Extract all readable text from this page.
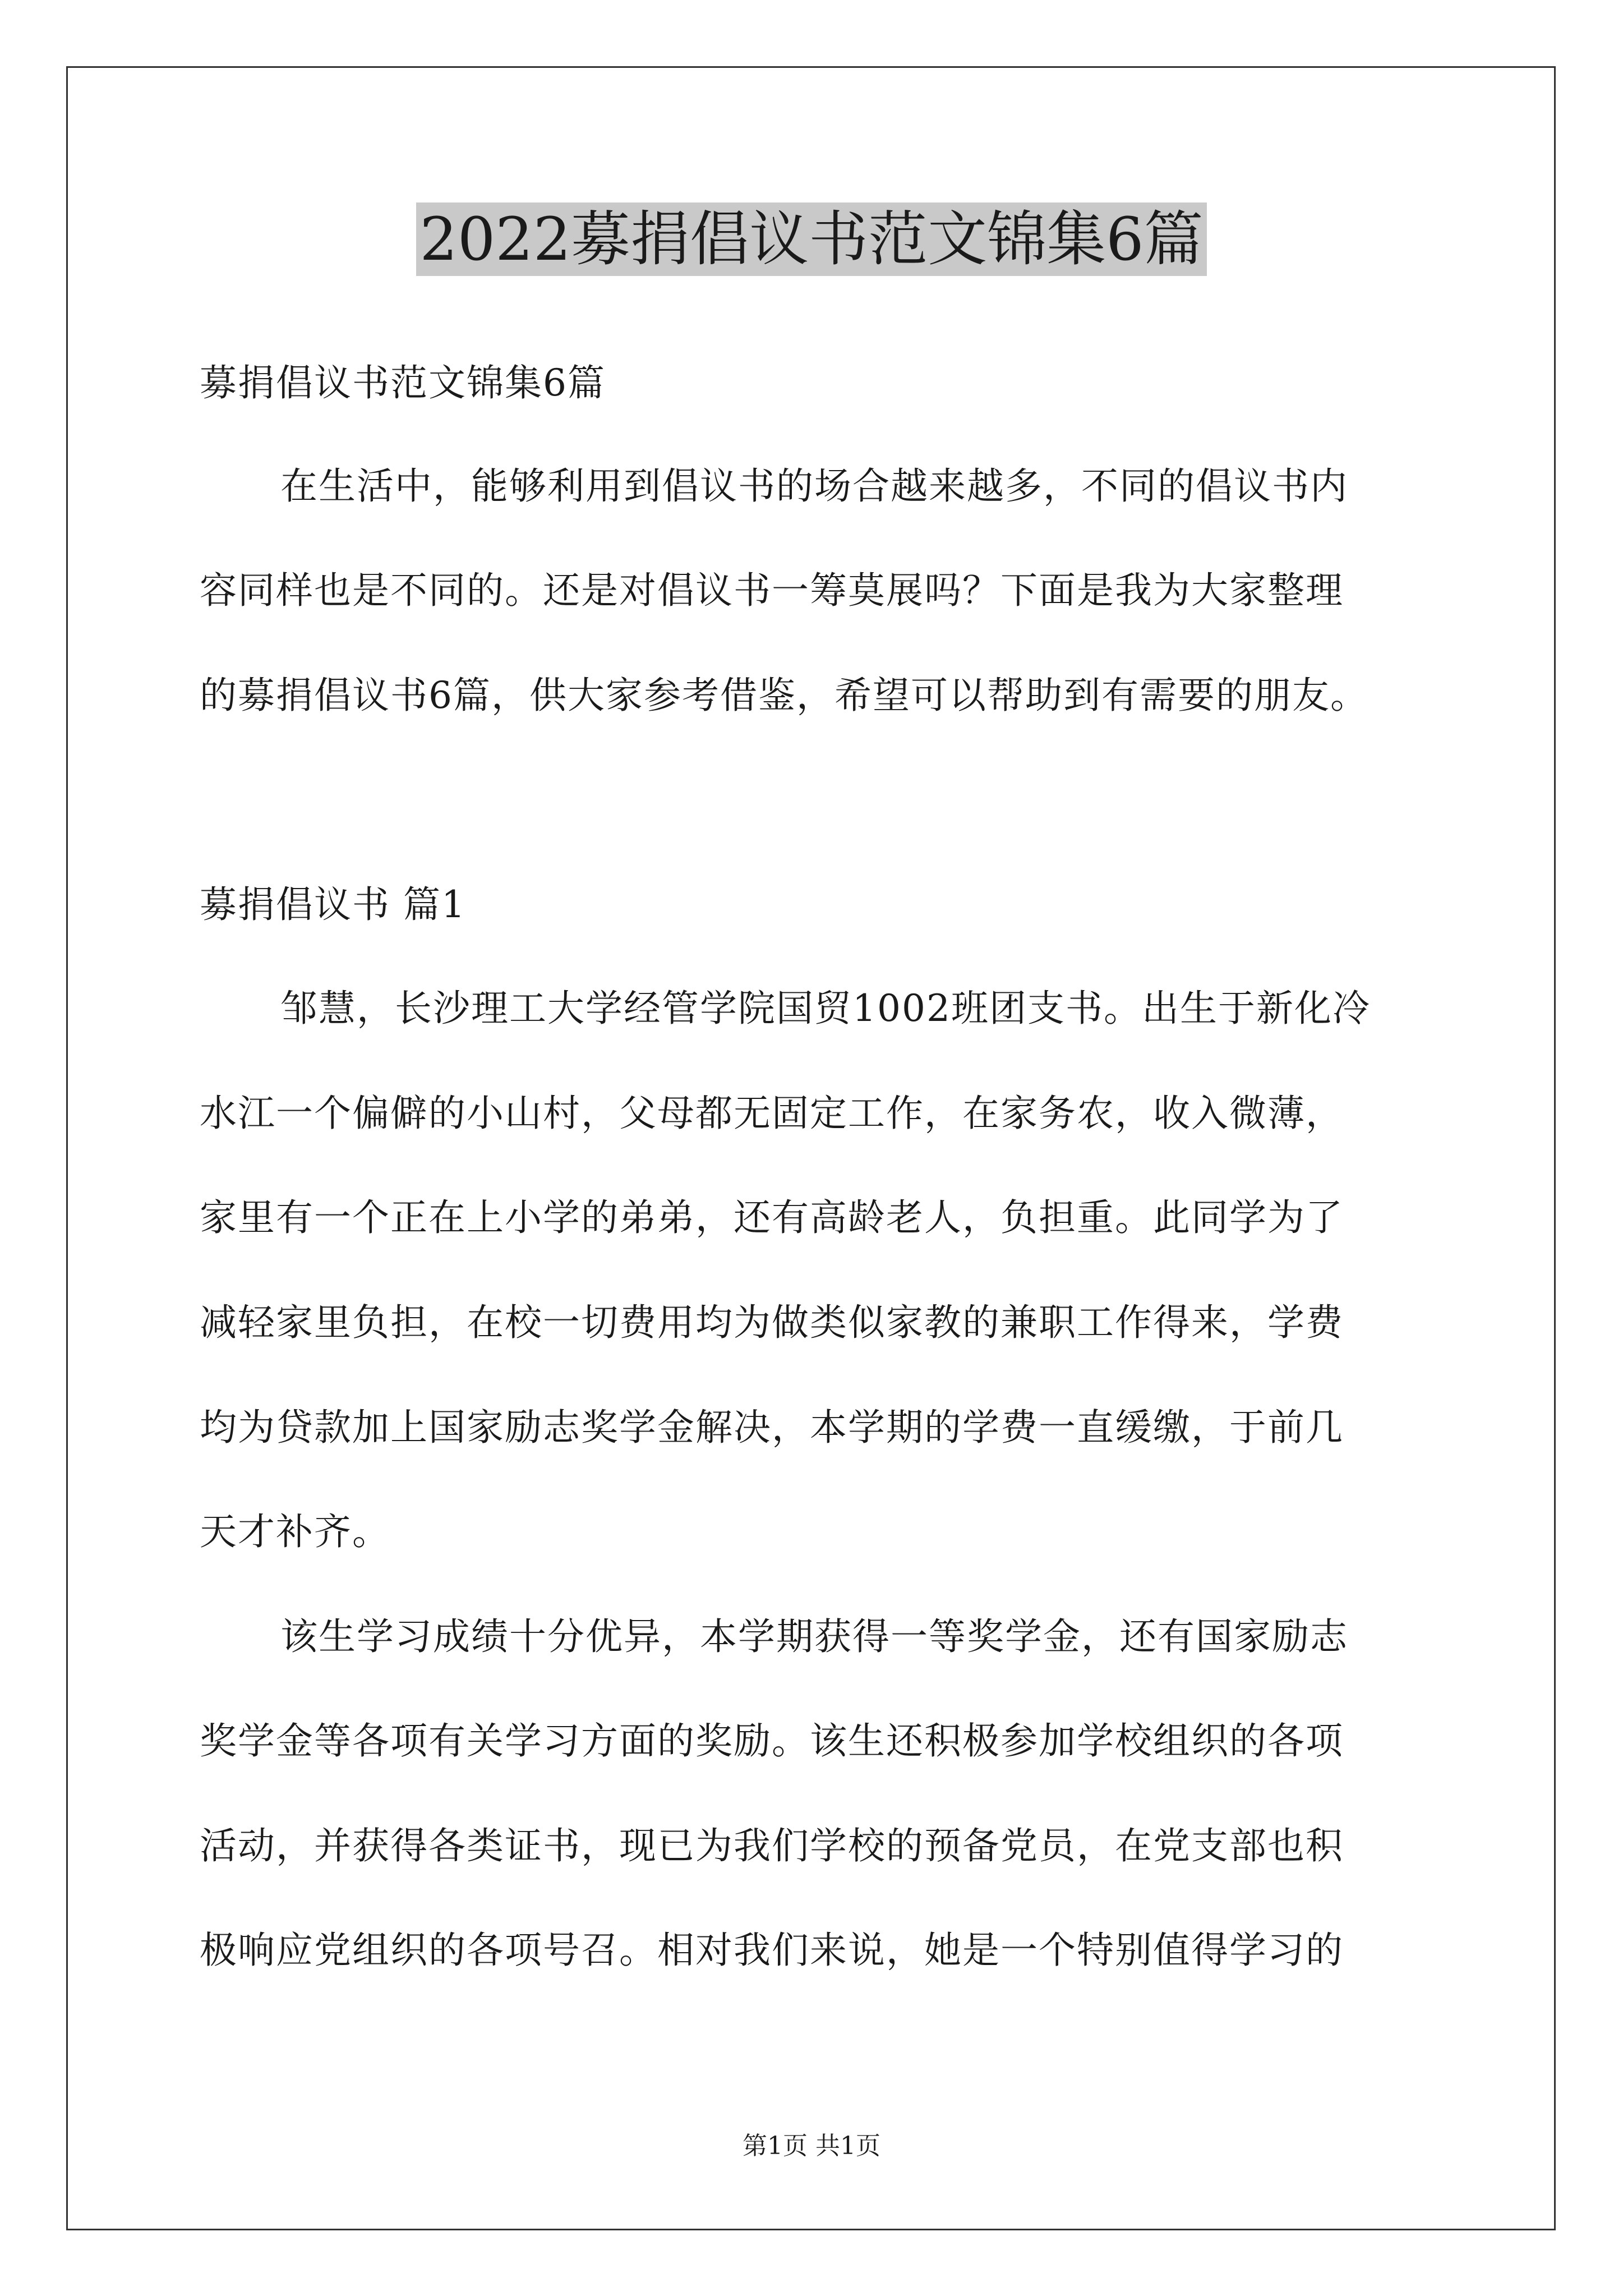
2022募捐倡议书范文锦集6篇

募捐倡议书范文锦集6篇

在生活中，能够利用到倡议书的场合越来越多，不同的倡议书内

容同样也是不同的。还是对倡议书一筹莫展吗？下面是我为大家整理

的募捐倡议书6篇，供大家参考借鉴，希望可以帮助到有需要的朋友。

募捐倡议书 篇1

邹慧，长沙理工大学经管学院国贸1002班团支书。出生于新化冷

水江一个偏僻的小山村，父母都无固定工作，在家务农，收入微薄，

家里有一个正在上小学的弟弟，还有高龄老人，负担重。此同学为了

减轻家里负担，在校一切费用均为做类似家教的兼职工作得来，学费

均为贷款加上国家励志奖学金解决，本学期的学费一直缓缴，于前几

天才补齐。

该生学习成绩十分优异，本学期获得一等奖学金，还有国家励志

奖学金等各项有关学习方面的奖励。该生还积极参加学校组织的各项

活动，并获得各类证书，现已为我们学校的预备党员，在党支部也积

极响应党组织的各项号召。相对我们来说，她是一个特别值得学习的

第1页 共1页
